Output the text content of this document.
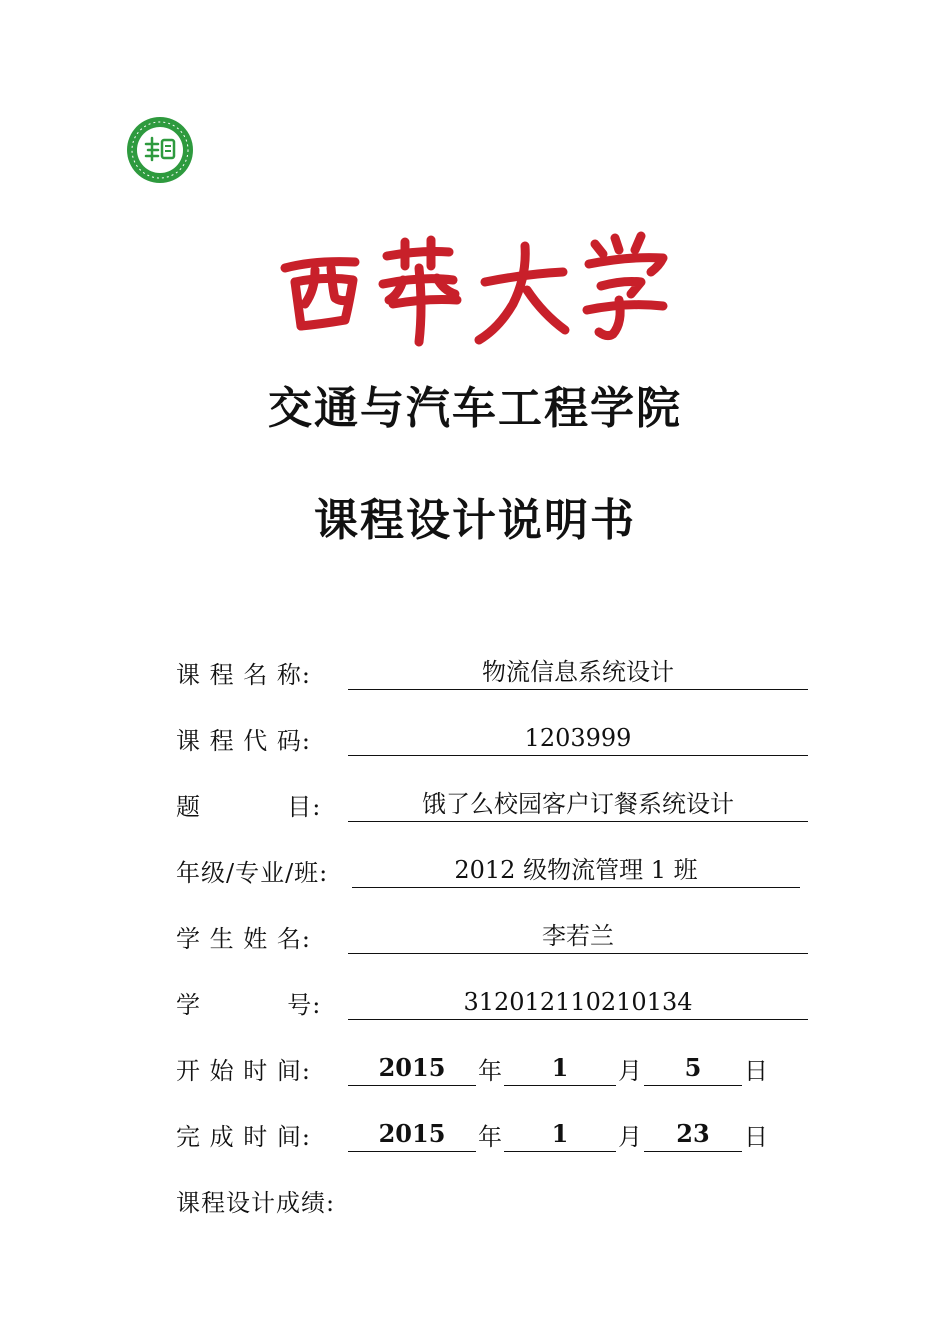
交通与汽车工程学院
课程设计说明书
课 程 名 称:	物流信息系统设计
课 程 代 码:	1203999
题          目:	饿了么校园客户订餐系统设计
年级/专业/班:	2012 级物流管理 1 班
学 生 姓 名:	李若兰
学          号:	312012110210134
开 始 时 间:	2015	年	1	月	5	日
完 成 时 间:	2015	年	1	月	23	日
课程设计成绩:
